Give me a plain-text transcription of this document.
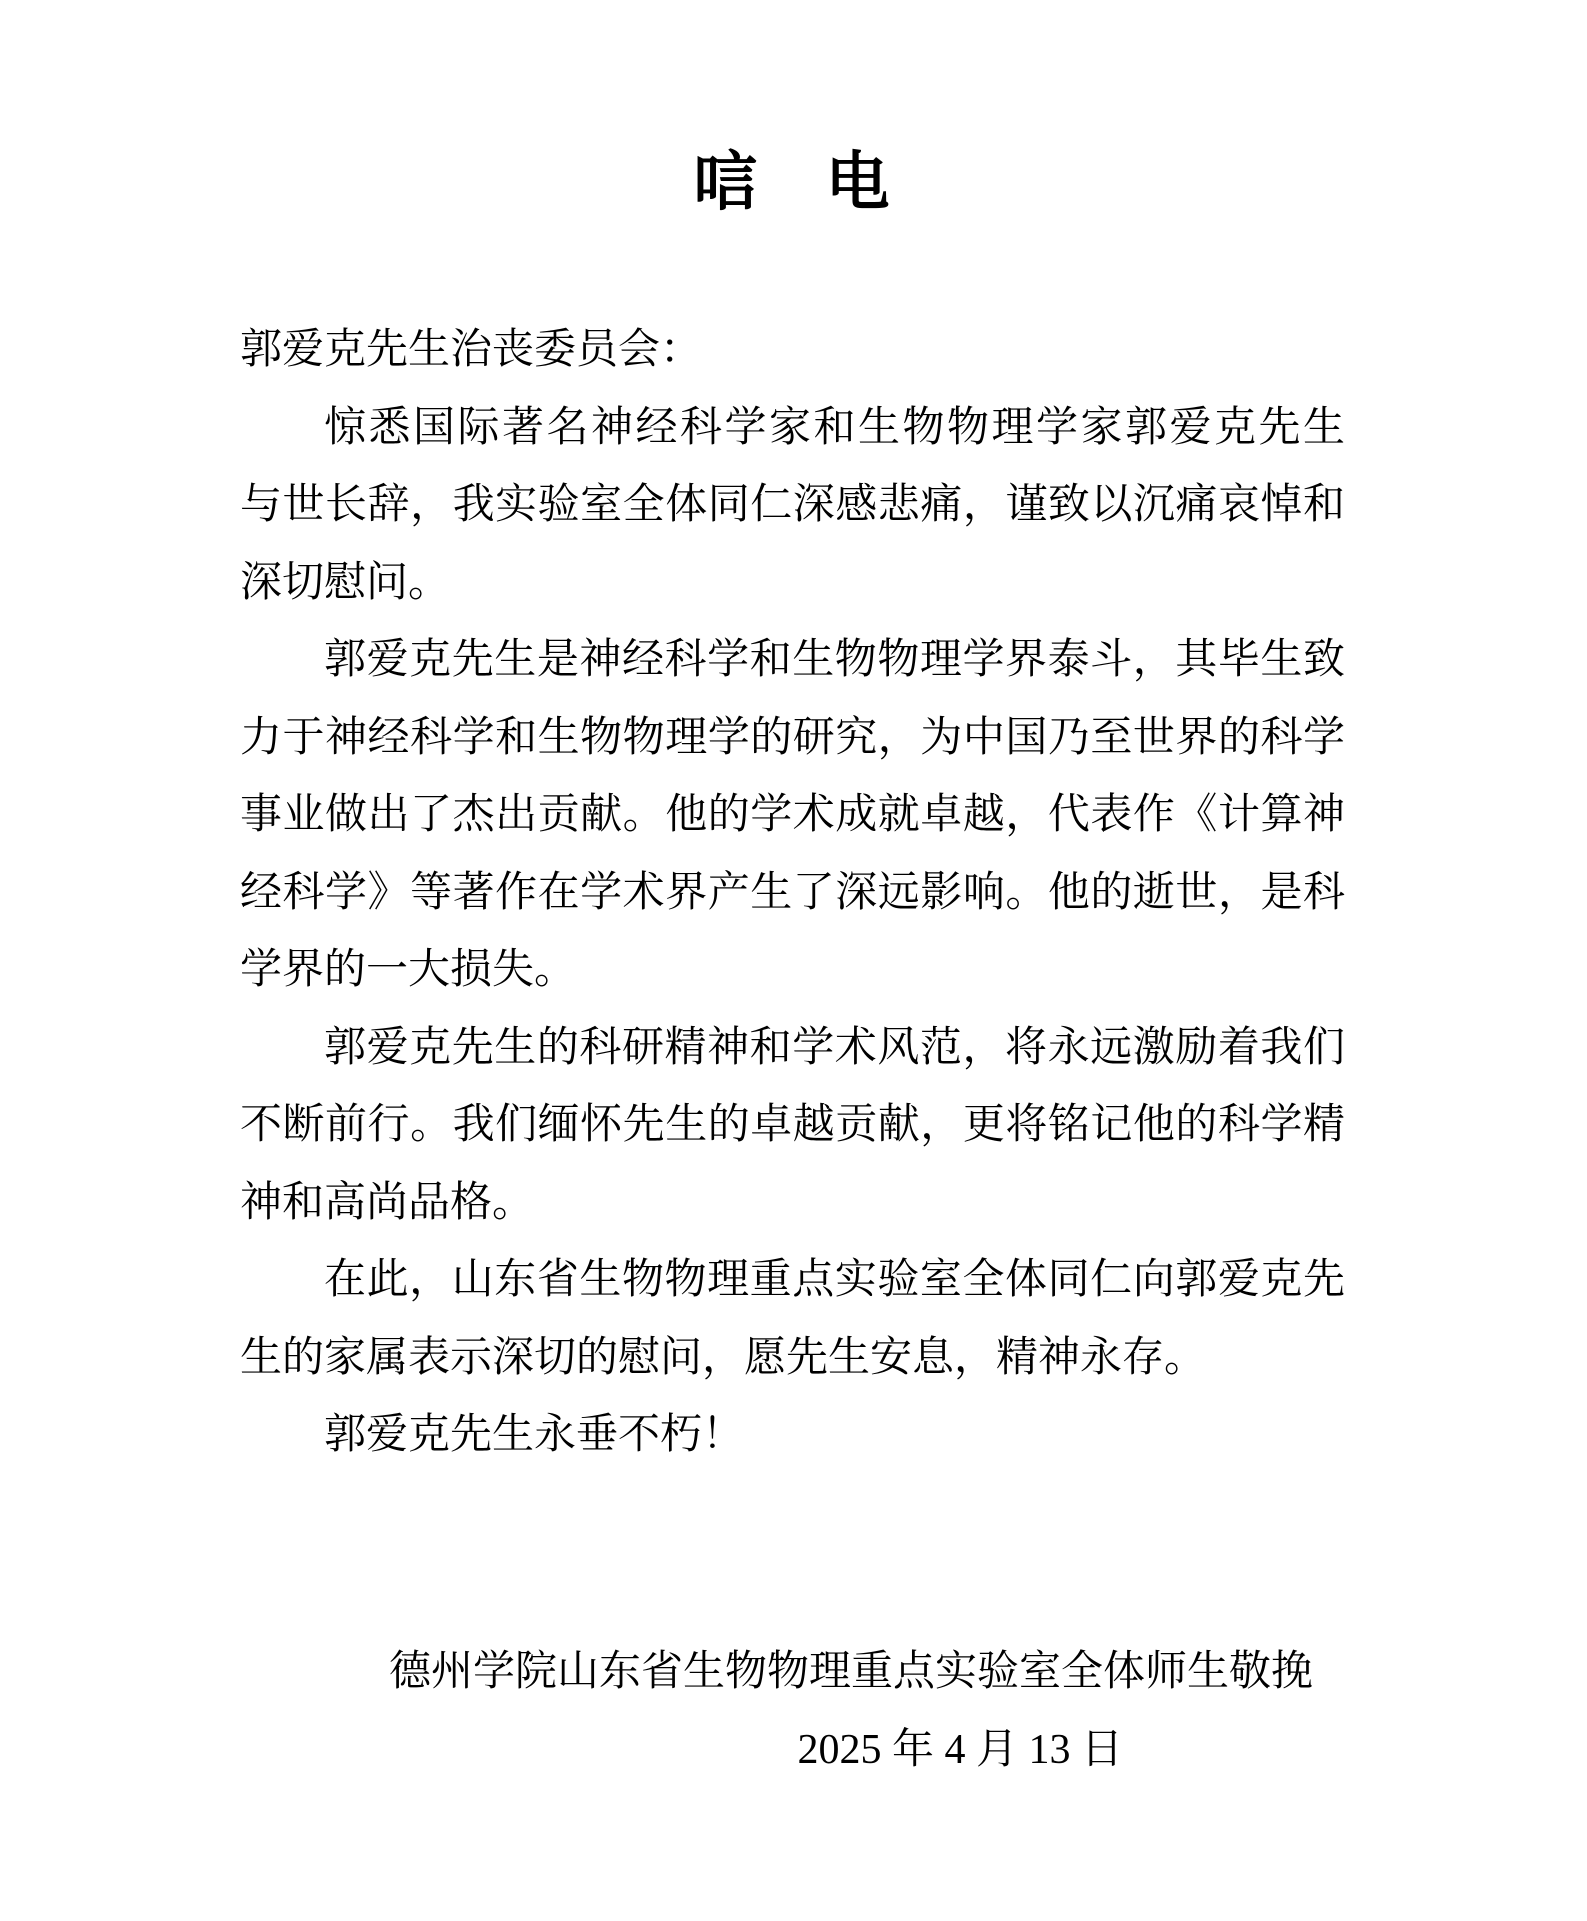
唁　电
郭爱克先生治丧委员会：
惊悉国际著名神经科学家和生物物理学家郭爱克先生
与世长辞，我实验室全体同仁深感悲痛，谨致以沉痛哀悼和
深切慰问。
郭爱克先生是神经科学和生物物理学界泰斗，其毕生致
力于神经科学和生物物理学的研究，为中国乃至世界的科学
事业做出了杰出贡献。他的学术成就卓越，代表作《计算神
经科学》等著作在学术界产生了深远影响。他的逝世，是科
学界的一大损失。
郭爱克先生的科研精神和学术风范，将永远激励着我们
不断前行。我们缅怀先生的卓越贡献，更将铭记他的科学精
神和高尚品格。
在此，山东省生物物理重点实验室全体同仁向郭爱克先
生的家属表示深切的慰问，愿先生安息，精神永存。
郭爱克先生永垂不朽！
德州学院山东省生物物理重点实验室全体师生敬挽
2025 年 4 月 13 日
